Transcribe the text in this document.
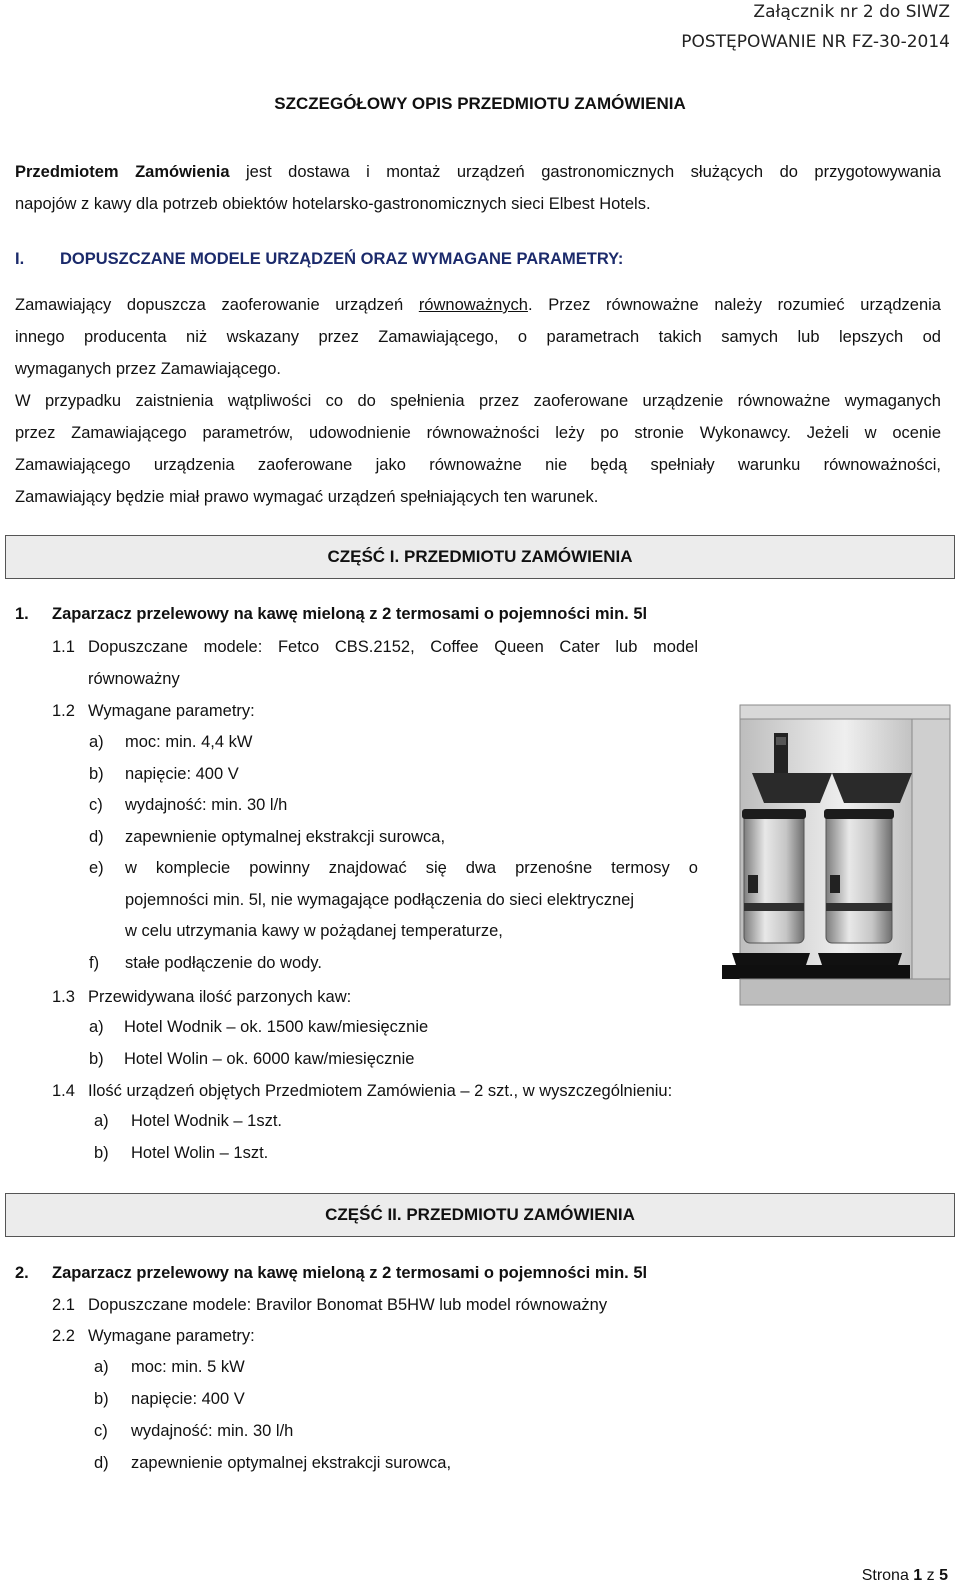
Załącznik nr 2 do SIWZ
POSTĘPOWANIE NR FZ-30-2014
SZCZEGÓŁOWY OPIS PRZEDMIOTU ZAMÓWIENIA
Przedmiotem Zamówienia jest dostawa i montaż urządzeń gastronomicznych służących do przygotowywania
napojów z kawy dla potrzeb obiektów hotelarsko-gastronomicznych sieci Elbest Hotels.
I. DOPUSZCZANE MODELE URZĄDZEŃ ORAZ WYMAGANE PARAMETRY:
Zamawiający dopuszcza zaoferowanie urządzeń równoważnych. Przez równoważne należy rozumieć urządzenia
innego producenta niż wskazany przez Zamawiającego, o parametrach takich samych lub lepszych od
wymaganych przez Zamawiającego.
W przypadku zaistnienia wątpliwości co do spełnienia przez zaoferowane urządzenie równoważne wymaganych
przez Zamawiającego parametrów, udowodnienie równoważności leży po stronie Wykonawcy. Jeżeli w ocenie
Zamawiającego urządzenia zaoferowane jako równoważne nie będą spełniały warunku równoważności,
Zamawiający będzie miał prawo wymagać urządzeń spełniających ten warunek.
CZĘŚĆ I. PRZEDMIOTU ZAMÓWIENIA
1. Zaparzacz przelewowy na kawę mieloną z 2 termosami o pojemności min. 5l
1.1 Dopuszczane modele: Fetco CBS.2152, Coffee Queen Cater lub model
równoważny
1.2 Wymagane parametry:
a) moc: min. 4,4 kW
b) napięcie: 400 V
c) wydajność: min. 30 l/h
d) zapewnienie optymalnej ekstrakcji surowca,
e) w komplecie powinny znajdować się dwa przenośne termosy o
pojemności min. 5l, nie wymagające podłączenia do sieci elektrycznej
w celu utrzymania kawy w pożądanej temperaturze,
f) stałe podłączenie do wody.
1.3 Przewidywana ilość parzonych kaw:
a) Hotel Wodnik – ok. 1500 kaw/miesięcznie
b) Hotel Wolin – ok. 6000 kaw/miesięcznie
1.4 Ilość urządzeń objętych Przedmiotem Zamówienia – 2 szt., w wyszczególnieniu:
a) Hotel Wodnik – 1szt.
b) Hotel Wolin – 1szt.
CZĘŚĆ II. PRZEDMIOTU ZAMÓWIENIA
2. Zaparzacz przelewowy na kawę mieloną z 2 termosami o pojemności min. 5l
2.1 Dopuszczane modele: Bravilor Bonomat B5HW lub model równoważny
2.2 Wymagane parametry:
a) moc: min. 5 kW
b) napięcie: 400 V
c) wydajność: min. 30 l/h
d) zapewnienie optymalnej ekstrakcji surowca,
Strona 1 z 5
